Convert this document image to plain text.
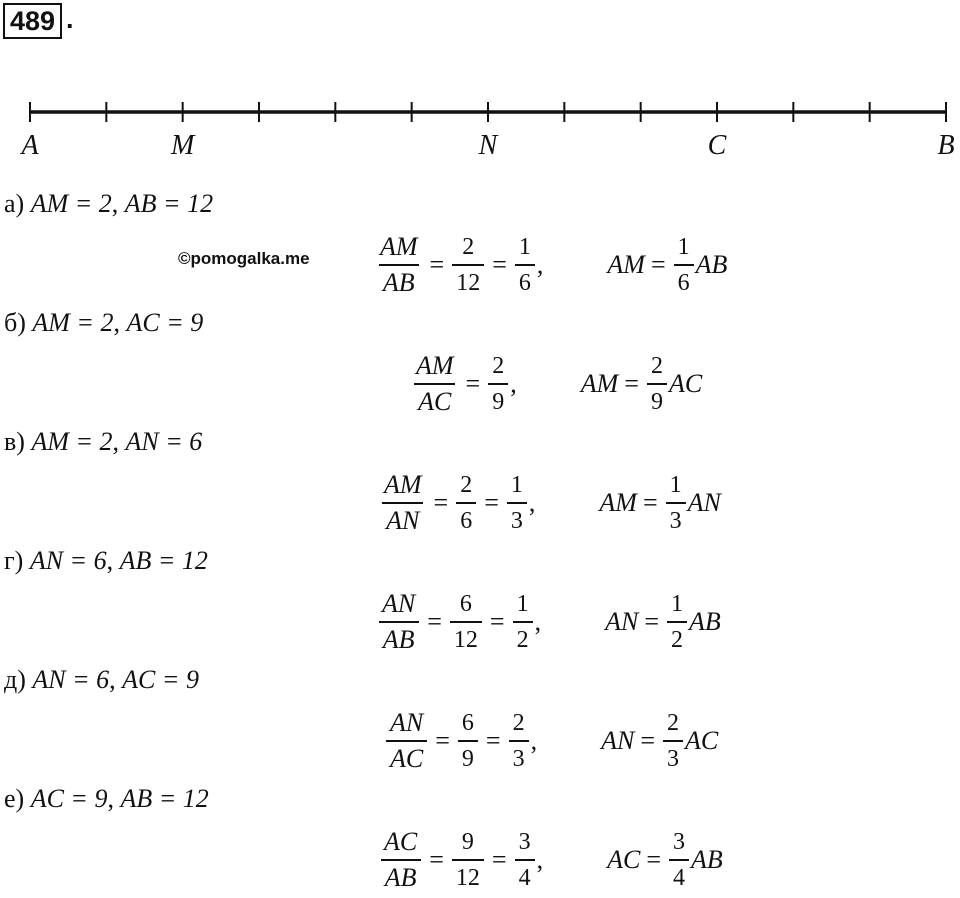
489 .
A	M	N	C	B
©pomogalka.me
а) AM = 2, AB = 12
$\frac{AM}{AB} = \frac{2}{12} = \frac{1}{6}$ , AM = $\frac{1}{6}$ AB
б) AM = 2, AC = 9
$\frac{AM}{AC} = \frac{2}{9}$ , AM = $\frac{2}{9}$ AC
в) AM = 2, AN = 6
$\frac{AM}{AN} = \frac{2}{6} = \frac{1}{3}$ , AM = $\frac{1}{3}$ AN
г) AN = 6, AB = 12
$\frac{AN}{AB} = \frac{6}{12} = \frac{1}{2}$ , AN = $\frac{1}{2}$ AB
д) AN = 6, AC = 9
$\frac{AN}{AC} = \frac{6}{9} = \frac{2}{3}$ , AN = $\frac{2}{3}$ AC
е) AC = 9, AB = 12
$\frac{AC}{AB} = \frac{9}{12} = \frac{3}{4}$ , AC = $\frac{3}{4}$ AB
